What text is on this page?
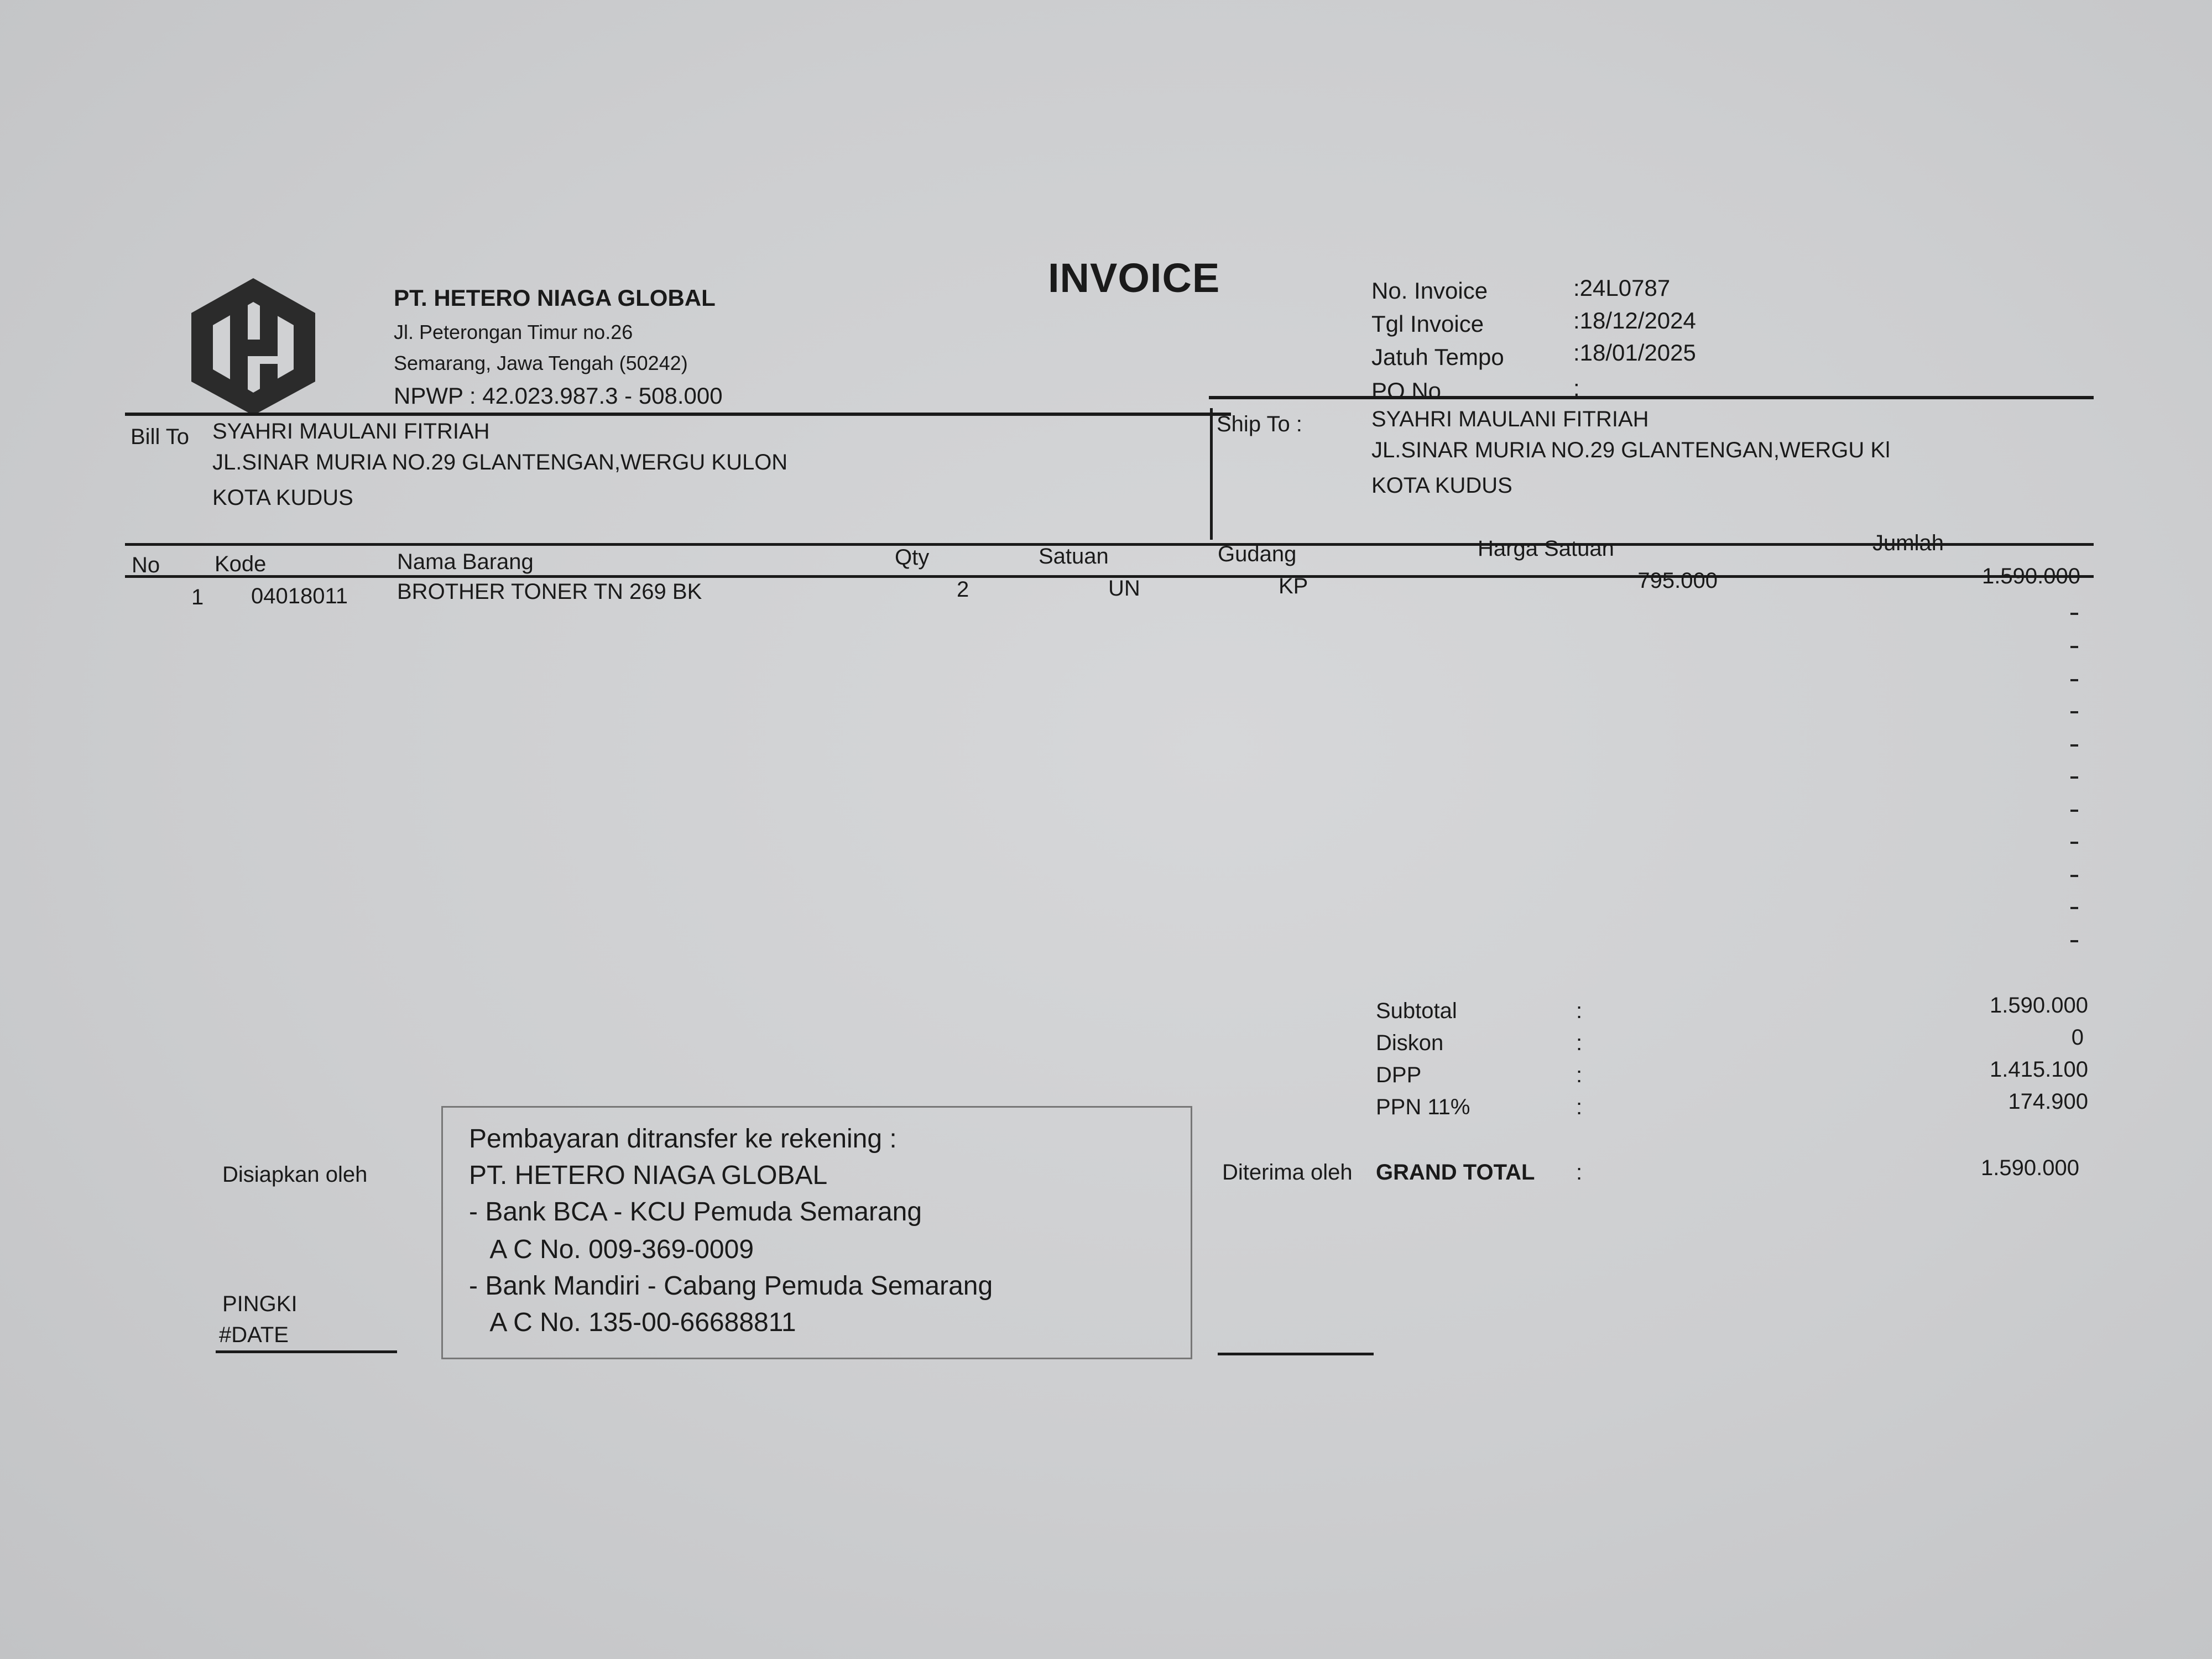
PT. HETERO NIAGA GLOBAL
Jl. Peterongan Timur no.26
Semarang, Jawa Tengah (50242)
NPWP : 42.023.987.3 - 508.000
INVOICE	No. Invoice	:24L0787
Tgl Invoice	:18/12/2024
Jatuh Tempo	:18/01/2025
PO No.	:
Bill To SYAHRI MAULANI FITRIAH
JL.SINAR MURIA NO.29 GLANTENGAN,WERGU KULON
KOTA KUDUS
Ship To :	SYAHRI MAULANI FITRIAH
JL.SINAR MURIA NO.29 GLANTENGAN,WERGU Kl
KOTA KUDUS
No Kode	Nama Barang	Qty	Satuan	Gudang	Harga Satuan	Jumlah
1 04018011 BROTHER TONER TN 269 BK	2	UN	KP	795.000	1.590.000
Subtotal	:	1.590.000
Diskon	:	0
DPP	:	1.415.100
PPN 11%	:	174.900
GRAND TOTAL :	1.590.000
Disiapkan oleh
PINGKI
#DATE
Diterima oleh
Pembayaran ditransfer ke rekening :
PT. HETERO NIAGA GLOBAL
- Bank BCA - KCU Pemuda Semarang
A C No. 009-369-0009
- Bank Mandiri - Cabang Pemuda Semarang
A C No. 135-00-66688811
